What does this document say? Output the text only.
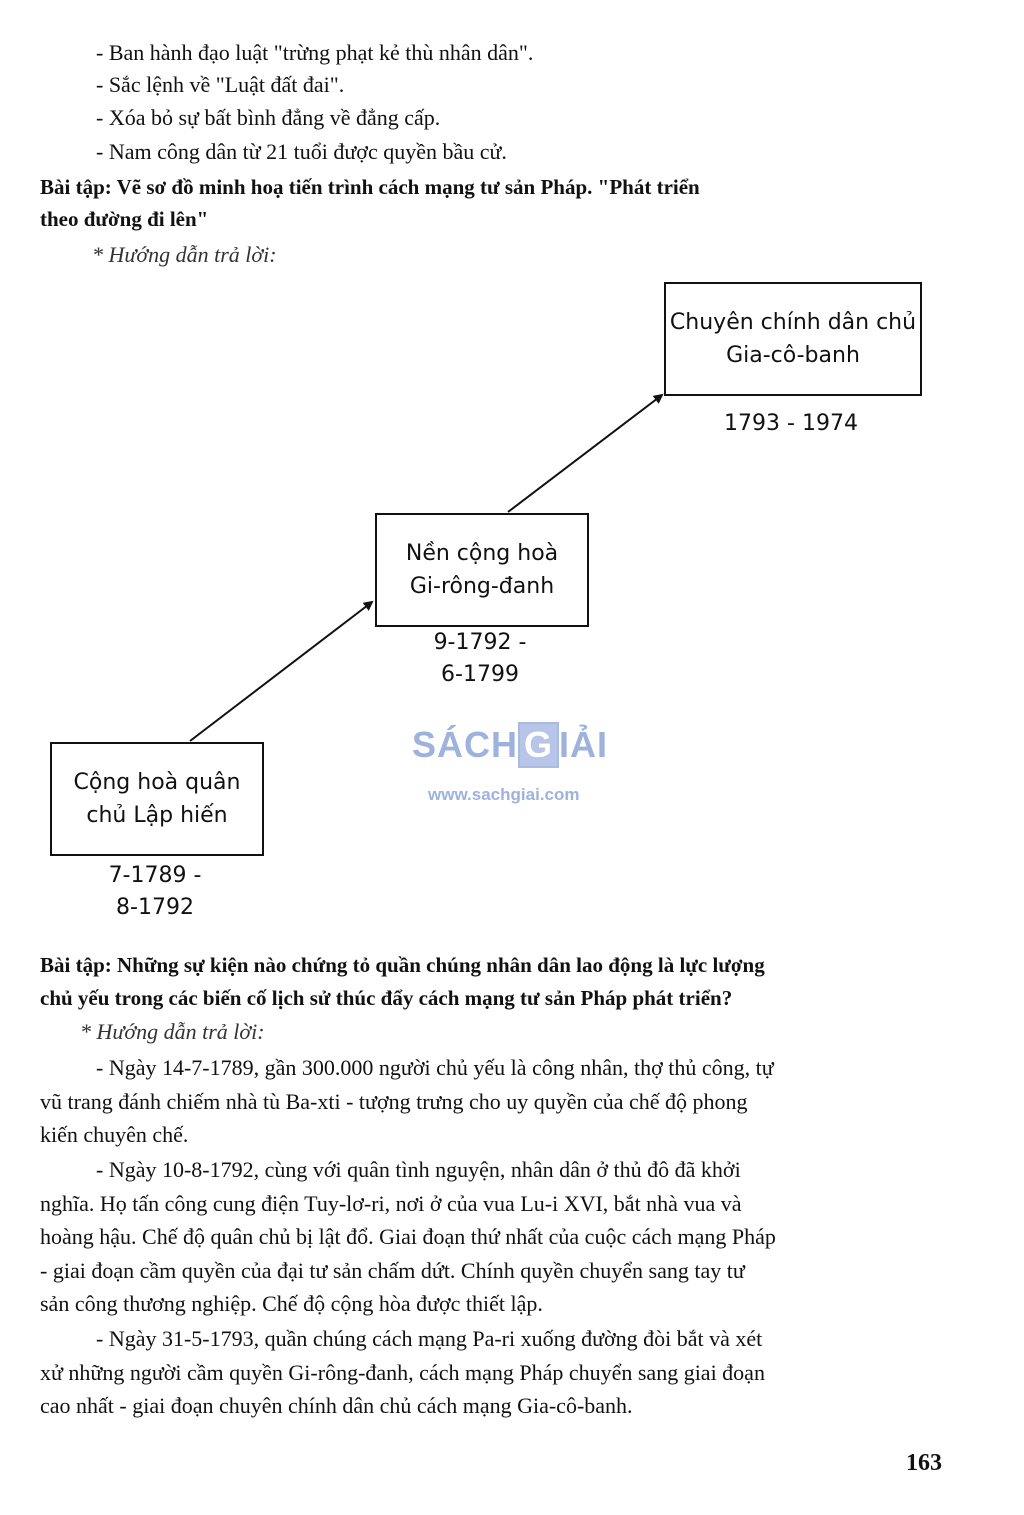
- Ban hành đạo luật "trừng phạt kẻ thù nhân dân".
- Sắc lệnh về "Luật đất đai".
- Xóa bỏ sự bất bình đẳng về đẳng cấp.
- Nam công dân từ 21 tuổi được quyền bầu cử.
Bài tập: Vẽ sơ đồ minh hoạ tiến trình cách mạng tư sản Pháp. "Phát triển
theo đường đi lên"
* Hướng dẫn trả lời:
Chuyên chính dân chủ
Gia-cô-banh
1793 - 1974
Nền cộng hoà
Gi-rông-đanh
9-1792 -
6-1799
Cộng hoà quân
chủ Lập hiến
7-1789 -
8-1792
SÁCH G IẢI
www.sachgiai.com
Bài tập: Những sự kiện nào chứng tỏ quần chúng nhân dân lao động là lực lượng
chủ yếu trong các biến cố lịch sử thúc đẩy cách mạng tư sản Pháp phát triển?
* Hướng dẫn trả lời:
- Ngày 14-7-1789, gần 300.000 người chủ yếu là công nhân, thợ thủ công, tự
vũ trang đánh chiếm nhà tù Ba-xti - tượng trưng cho uy quyền của chế độ phong
kiến chuyên chế.
- Ngày 10-8-1792, cùng với quân tình nguyện, nhân dân ở thủ đô đã khởi
nghĩa. Họ tấn công cung điện Tuy-lơ-ri, nơi ở của vua Lu-i XVI, bắt nhà vua và
hoàng hậu. Chế độ quân chủ bị lật đổ. Giai đoạn thứ nhất của cuộc cách mạng Pháp
- giai đoạn cầm quyền của đại tư sản chấm dứt. Chính quyền chuyển sang tay tư
sản công thương nghiệp. Chế độ cộng hòa được thiết lập.
- Ngày 31-5-1793, quần chúng cách mạng Pa-ri xuống đường đòi bắt và xét
xử những người cầm quyền Gi-rông-đanh, cách mạng Pháp chuyển sang giai đoạn
cao nhất - giai đoạn chuyên chính dân chủ cách mạng Gia-cô-banh.
163
